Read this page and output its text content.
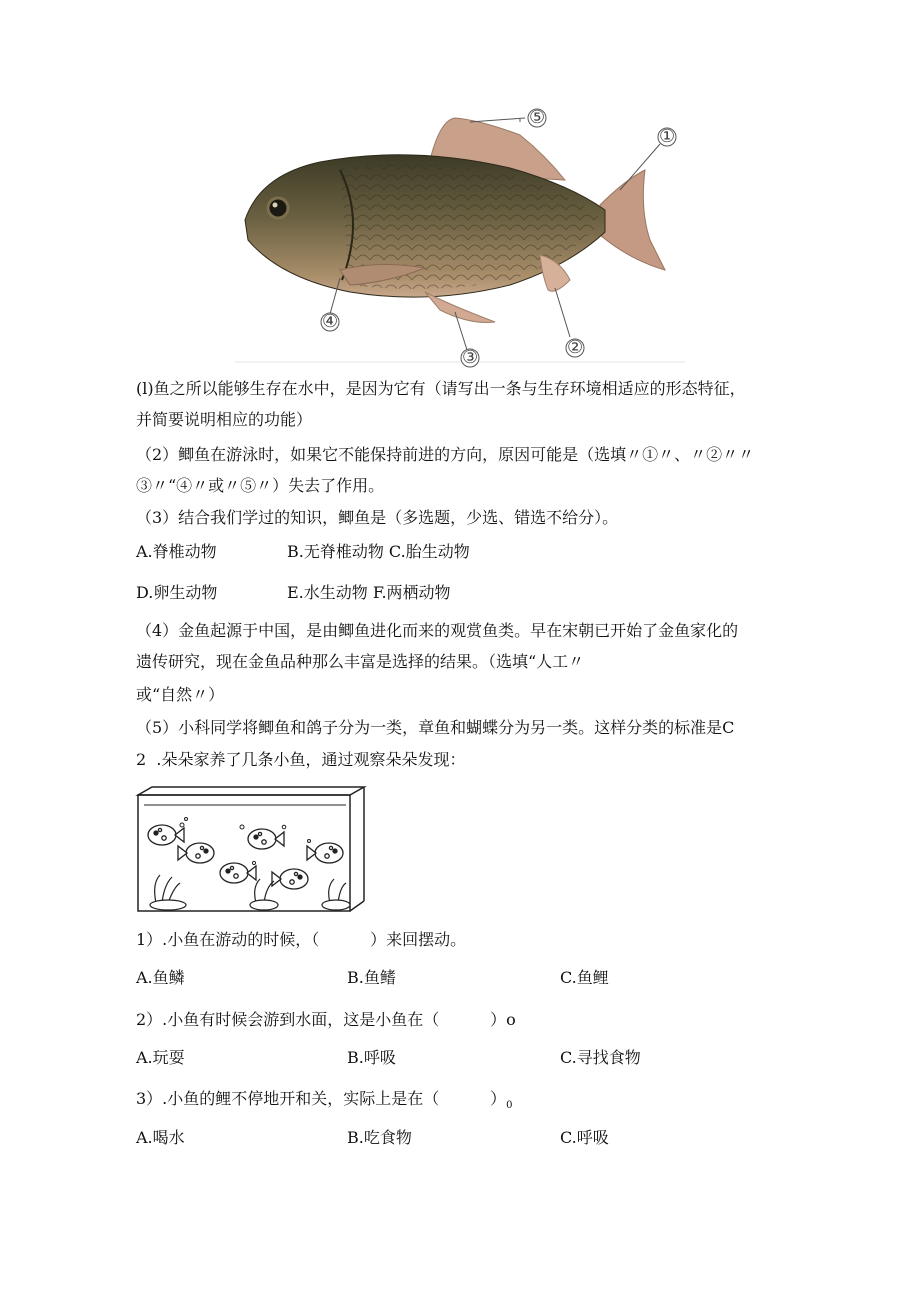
⑤
①
④
③	②
(l)鱼之所以能够生存在水中，是因为它有（请写出一条与生存环境相适应的形态特征，
并简要说明相应的功能）
（2）鲫鱼在游泳时，如果它不能保持前进的方向，原因可能是（选填〃①〃、〃②〃〃
③〃“④〃或〃⑤〃）失去了作用。
（3）结合我们学过的知识，鲫鱼是（多选题，少选、错选不给分）。
A.脊椎动物	B.无脊椎动物 C.胎生动物
D.卵生动物	E.水生动物 F.两栖动物
（4）金鱼起源于中国，是由鲫鱼进化而来的观赏鱼类。早在宋朝已开始了金鱼家化的
遗传研究，现在金鱼品种那么丰富是选择的结果。（选填“人工〃
或“自然〃）
（5）小科同学将鲫鱼和鸽子分为一类，章鱼和蝴蝶分为另一类。这样分类的标准是C
2  .朵朵家养了几条小鱼，通过观察朵朵发现：
1）.小鱼在游动的时候，（          ）来回摆动。
A.鱼鳞	B.鱼鳍	C.鱼鲤
2）.小鱼有时候会游到水面，这是小鱼在（          ）o
A.玩耍	B.呼吸	C.寻找食物
3）.小鱼的鲤不停地开和关，实际上是在（          ）$_0$
A.喝水	B.吃食物	C.呼吸
